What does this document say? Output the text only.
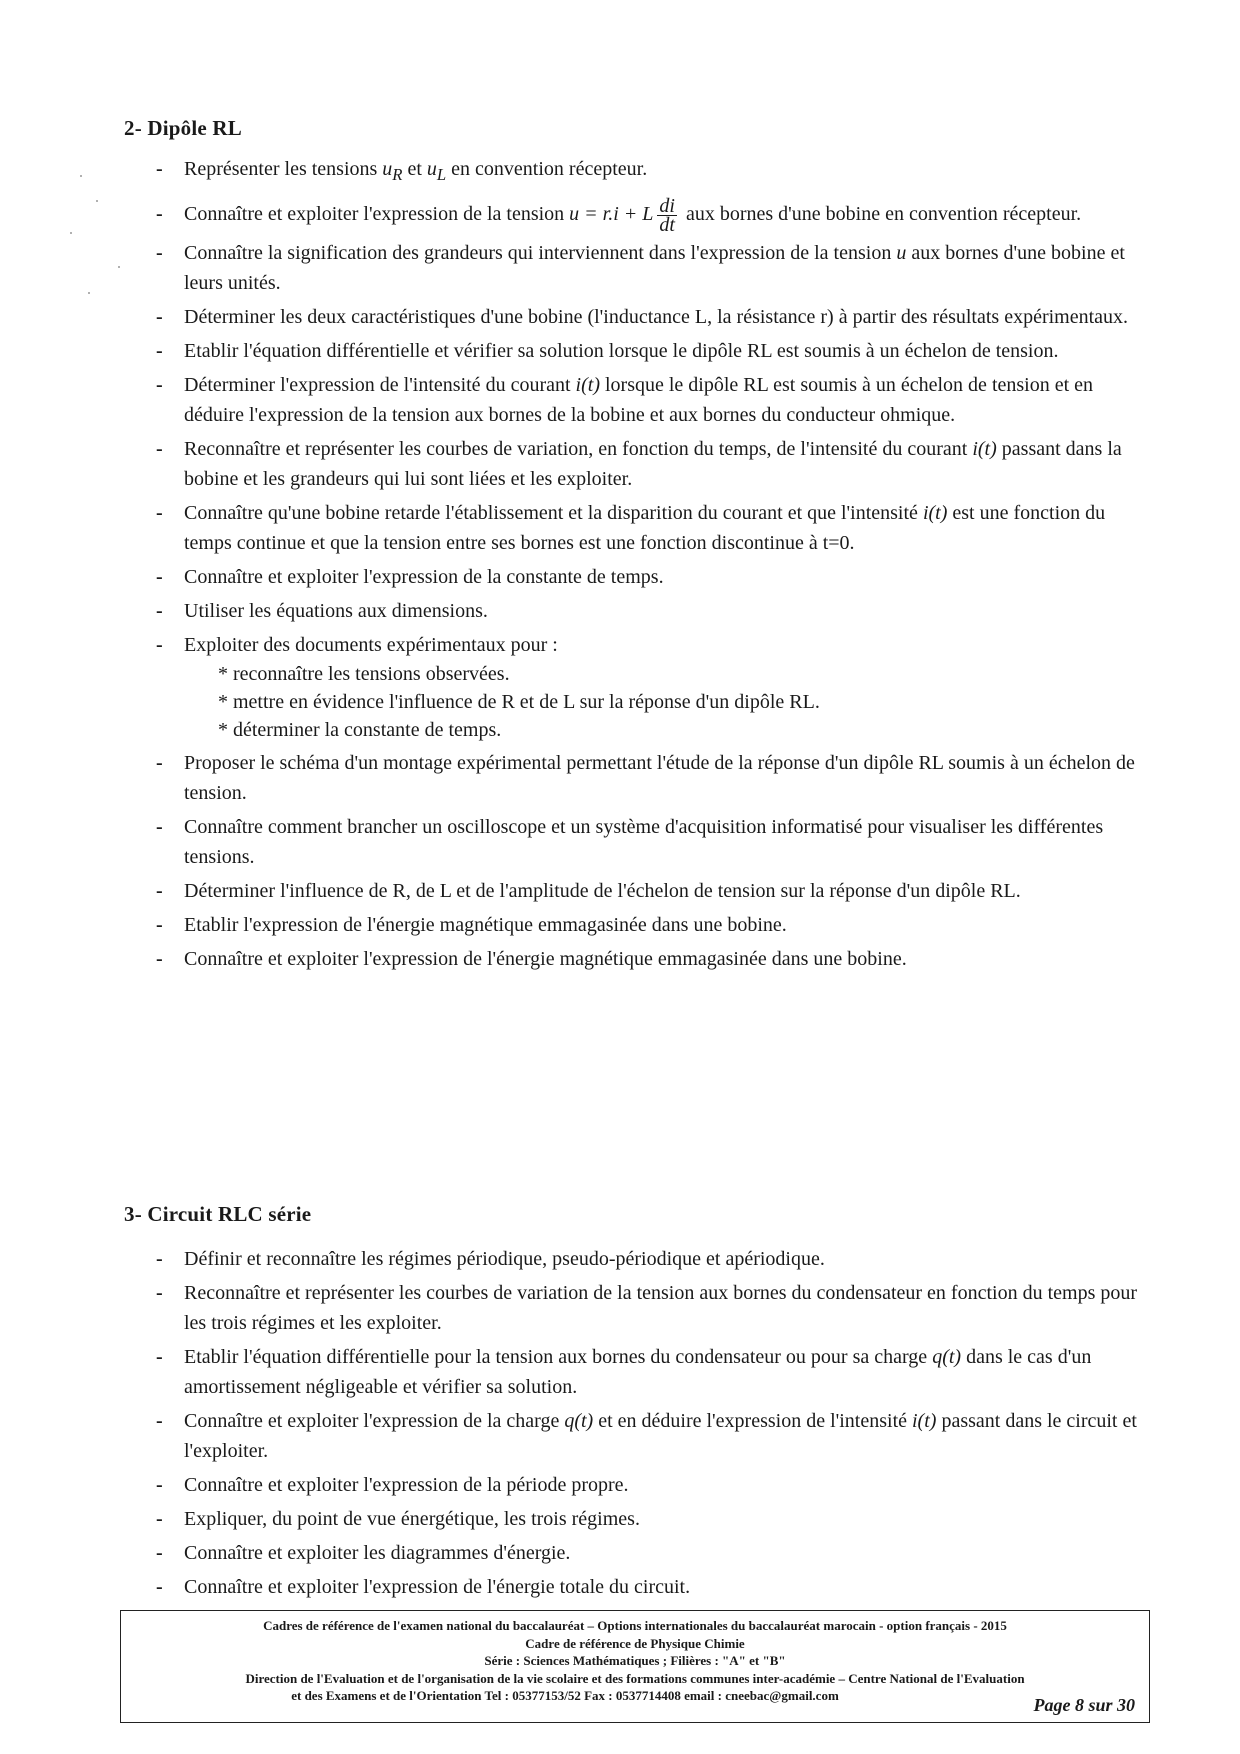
2- Dipôle RL
- Représenter les tensions $u_R$ et $u_L$ en convention récepteur.
- Connaître et exploiter l'expression de la tension u = r.i + L $\frac{di}{dt}$ aux bornes d'une bobine en convention récepteur.
- Connaître la signification des grandeurs qui interviennent dans l'expression de la tension u aux bornes d'une bobine et leurs unités.
- Déterminer les deux caractéristiques d'une bobine (l'inductance L, la résistance r) à partir des résultats expérimentaux.
- Etablir l'équation différentielle et vérifier sa solution lorsque le dipôle RL est soumis à un échelon de tension.
- Déterminer l'expression de l'intensité du courant i(t) lorsque le dipôle RL est soumis à un échelon de tension et en déduire l'expression de la tension aux bornes de la bobine et aux bornes du conducteur ohmique.
- Reconnaître et représenter les courbes de variation, en fonction du temps, de l'intensité du courant i(t) passant dans la bobine et les grandeurs qui lui sont liées et les exploiter.
- Connaître qu'une bobine retarde l'établissement et la disparition du courant et que l'intensité i(t) est une fonction du temps continue et que la tension entre ses bornes est une fonction discontinue à t=0.
- Connaître et exploiter l'expression de la constante de temps.
- Utiliser les équations aux dimensions.
- Exploiter des documents expérimentaux pour :
* reconnaître les tensions observées.
* mettre en évidence l'influence de R et de L sur la réponse d'un dipôle RL.
* déterminer la constante de temps.
- Proposer le schéma d'un montage expérimental permettant l'étude de la réponse d'un dipôle RL soumis à un échelon de tension.
- Connaître comment brancher un oscilloscope et un système d'acquisition informatisé pour visualiser les différentes tensions.
- Déterminer l'influence de R, de L et de l'amplitude de l'échelon de tension sur la réponse d'un dipôle RL.
- Etablir l'expression de l'énergie magnétique emmagasinée dans une bobine.
- Connaître et exploiter l'expression de l'énergie magnétique emmagasinée dans une bobine.
3- Circuit RLC série
- Définir et reconnaître les régimes périodique, pseudo-périodique et apériodique.
- Reconnaître et représenter les courbes de variation de la tension aux bornes du condensateur en fonction du temps pour les trois régimes et les exploiter.
- Etablir l'équation différentielle pour la tension aux bornes du condensateur ou pour sa charge q(t) dans le cas d'un amortissement négligeable et vérifier sa solution.
- Connaître et exploiter l'expression de la charge q(t) et en déduire l'expression de l'intensité i(t) passant dans le circuit et l'exploiter.
- Connaître et exploiter l'expression de la période propre.
- Expliquer, du point de vue énergétique, les trois régimes.
- Connaître et exploiter les diagrammes d'énergie.
- Connaître et exploiter l'expression de l'énergie totale du circuit.
Cadres de référence de l'examen national du baccalauréat – Options internationales du baccalauréat marocain - option français - 2015
Cadre de référence de Physique Chimie
Série : Sciences Mathématiques ; Filières : "A" et "B"
Direction de l'Evaluation et de l'organisation de la vie scolaire et des formations communes inter-académie – Centre National de l'Evaluation
et des Examens et de l'Orientation Tel : 05377153/52 Fax : 0537714408 email : cneebac@gmail.com	Page 8 sur 30
